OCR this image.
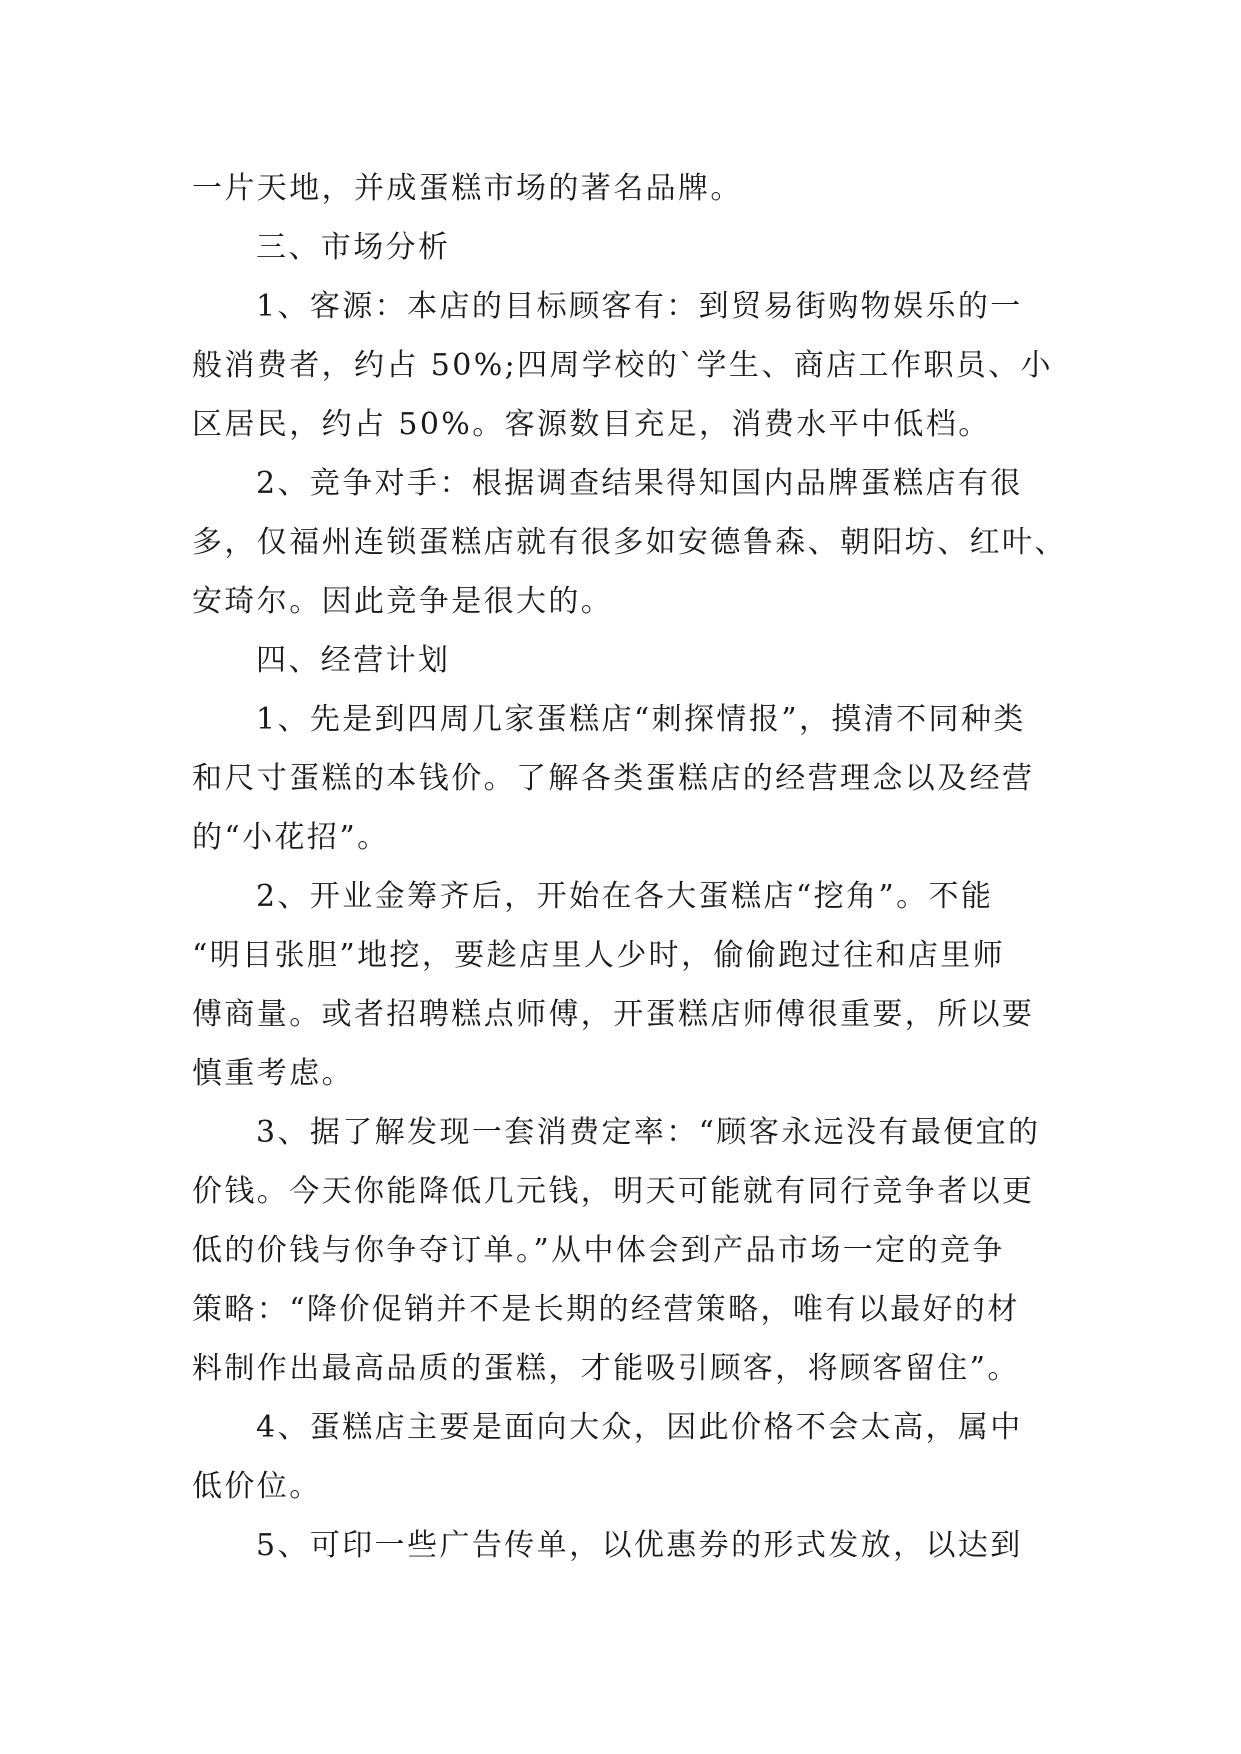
一片天地，并成蛋糕市场的著名品牌。
三、市场分析
1、客源：本店的目标顾客有：到贸易街购物娱乐的一
般消费者，约占 50%;四周学校的`学生、商店工作职员、小
区居民，约占 50%。客源数目充足，消费水平中低档。
2、竞争对手：根据调查结果得知国内品牌蛋糕店有很
多，仅福州连锁蛋糕店就有很多如安德鲁森、朝阳坊、红叶、
安琦尔。因此竞争是很大的。
四、经营计划
1、先是到四周几家蛋糕店“刺探情报”，摸清不同种类
和尺寸蛋糕的本钱价。了解各类蛋糕店的经营理念以及经营
的“小花招”。
2、开业金筹齐后，开始在各大蛋糕店“挖角”。不能
“明目张胆”地挖，要趁店里人少时，偷偷跑过往和店里师
傅商量。或者招聘糕点师傅，开蛋糕店师傅很重要，所以要
慎重考虑。
3、据了解发现一套消费定率：“顾客永远没有最便宜的
价钱。今天你能降低几元钱，明天可能就有同行竞争者以更
低的价钱与你争夺订单。”从中体会到产品市场一定的竞争
策略：“降价促销并不是长期的经营策略，唯有以最好的材
料制作出最高品质的蛋糕，才能吸引顾客，将顾客留住”。
4、蛋糕店主要是面向大众，因此价格不会太高，属中
低价位。
5、可印一些广告传单，以优惠券的形式发放，以达到
